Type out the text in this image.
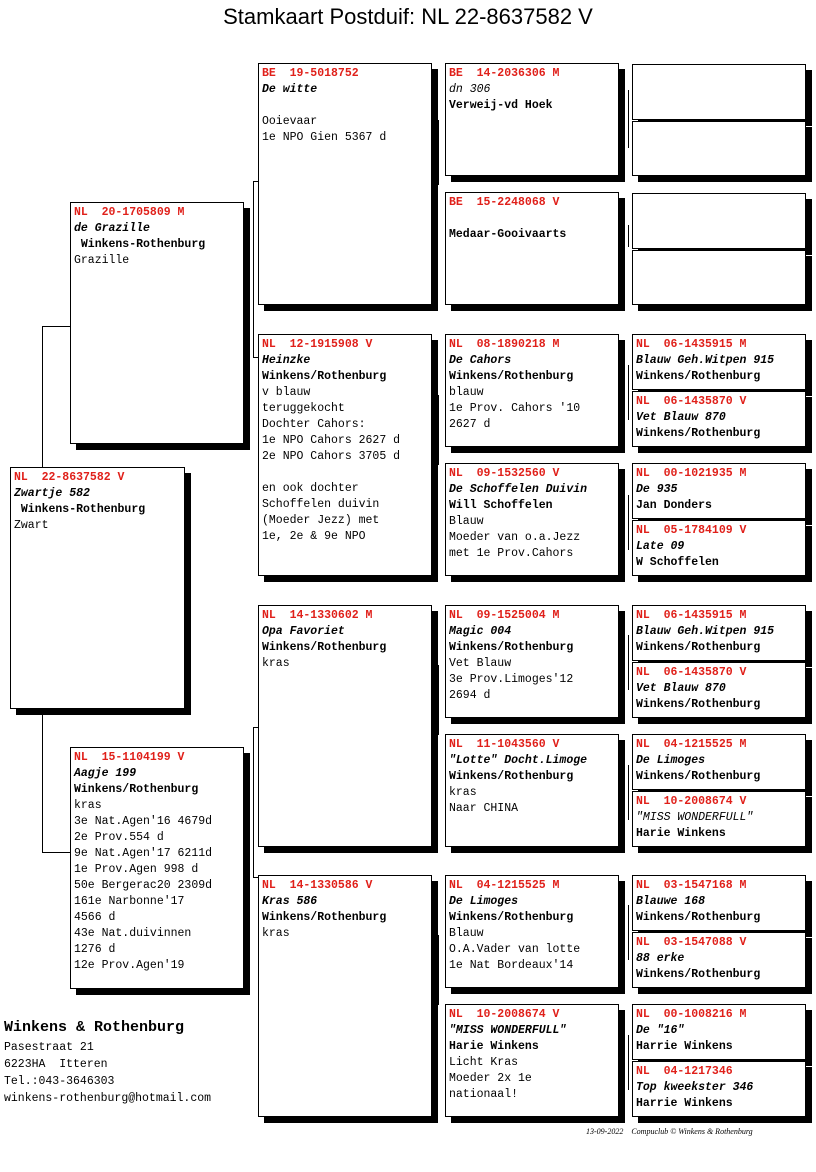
Stamkaart Postduif: NL 22-8637582 V
NL  22-8637582 V
Zwartje 582
Winkens-Rothenburg
Zwart
NL  20-1705809 M
de Grazille
Winkens-Rothenburg
Grazille
NL  15-1104199 V
Aagje 199
Winkens/Rothenburg
kras
3e Nat.Agen'16 4679d
2e Prov.554 d
9e Nat.Agen'17 6211d
1e Prov.Agen 998 d
50e Bergerac20 2309d
161e Narbonne'17
4566 d
43e Nat.duivinnen
1276 d
12e Prov.Agen'19
BE  19-5018752
De witte

Ooievaar
1e NPO Gien 5367 d
NL  12-1915908 V
Heinzke
Winkens/Rothenburg
v blauw
teruggekocht
Dochter Cahors:
1e NPO Cahors 2627 d
2e NPO Cahors 3705 d

en ook dochter
Schoffelen duivin
(Moeder Jezz) met
1e, 2e & 9e NPO
NL  14-1330602 M
Opa Favoriet
Winkens/Rothenburg
kras
NL  14-1330586 V
Kras 586
Winkens/Rothenburg
kras
BE  14-2036306 M
dn 306
Verweij-vd Hoek
BE  15-2248068 V

Medaar-Gooivaarts
NL  08-1890218 M
De Cahors
Winkens/Rothenburg
blauw
1e Prov. Cahors '10
2627 d
NL  09-1532560 V
De Schoffelen Duivin
Will Schoffelen
Blauw
Moeder van o.a.Jezz
met 1e Prov.Cahors
NL  09-1525004 M
Magic 004
Winkens/Rothenburg
Vet Blauw
3e Prov.Limoges'12
2694 d
NL  11-1043560 V
"Lotte" Docht.Limoge
Winkens/Rothenburg
kras
Naar CHINA
NL  04-1215525 M
De Limoges
Winkens/Rothenburg
Blauw
O.A.Vader van lotte
1e Nat Bordeaux'14
NL  10-2008674 V
"MISS WONDERFULL"
Harie Winkens
Licht Kras
Moeder 2x 1e
nationaal!
NL  06-1435915 M
Blauw Geh.Witpen 915
Winkens/Rothenburg
NL  06-1435870 V
Vet Blauw 870
Winkens/Rothenburg
NL  00-1021935 M
De 935
Jan Donders
NL  05-1784109 V
Late 09
W Schoffelen
NL  06-1435915 M
Blauw Geh.Witpen 915
Winkens/Rothenburg
NL  06-1435870 V
Vet Blauw 870
Winkens/Rothenburg
NL  04-1215525 M
De Limoges
Winkens/Rothenburg
NL  10-2008674 V
"MISS WONDERFULL"
Harie Winkens
NL  03-1547168 M
Blauwe 168
Winkens/Rothenburg
NL  03-1547088 V
88 erke
Winkens/Rothenburg
NL  00-1008216 M
De "16"
Harrie Winkens
NL  04-1217346
Top kweekster 346
Harrie Winkens
Winkens & Rothenburg
Pasestraat 21
6223HA  Itteren
Tel.:043-3646303
winkens-rothenburg@hotmail.com
13-09-2022    Compuclub © Winkens & Rothenburg
